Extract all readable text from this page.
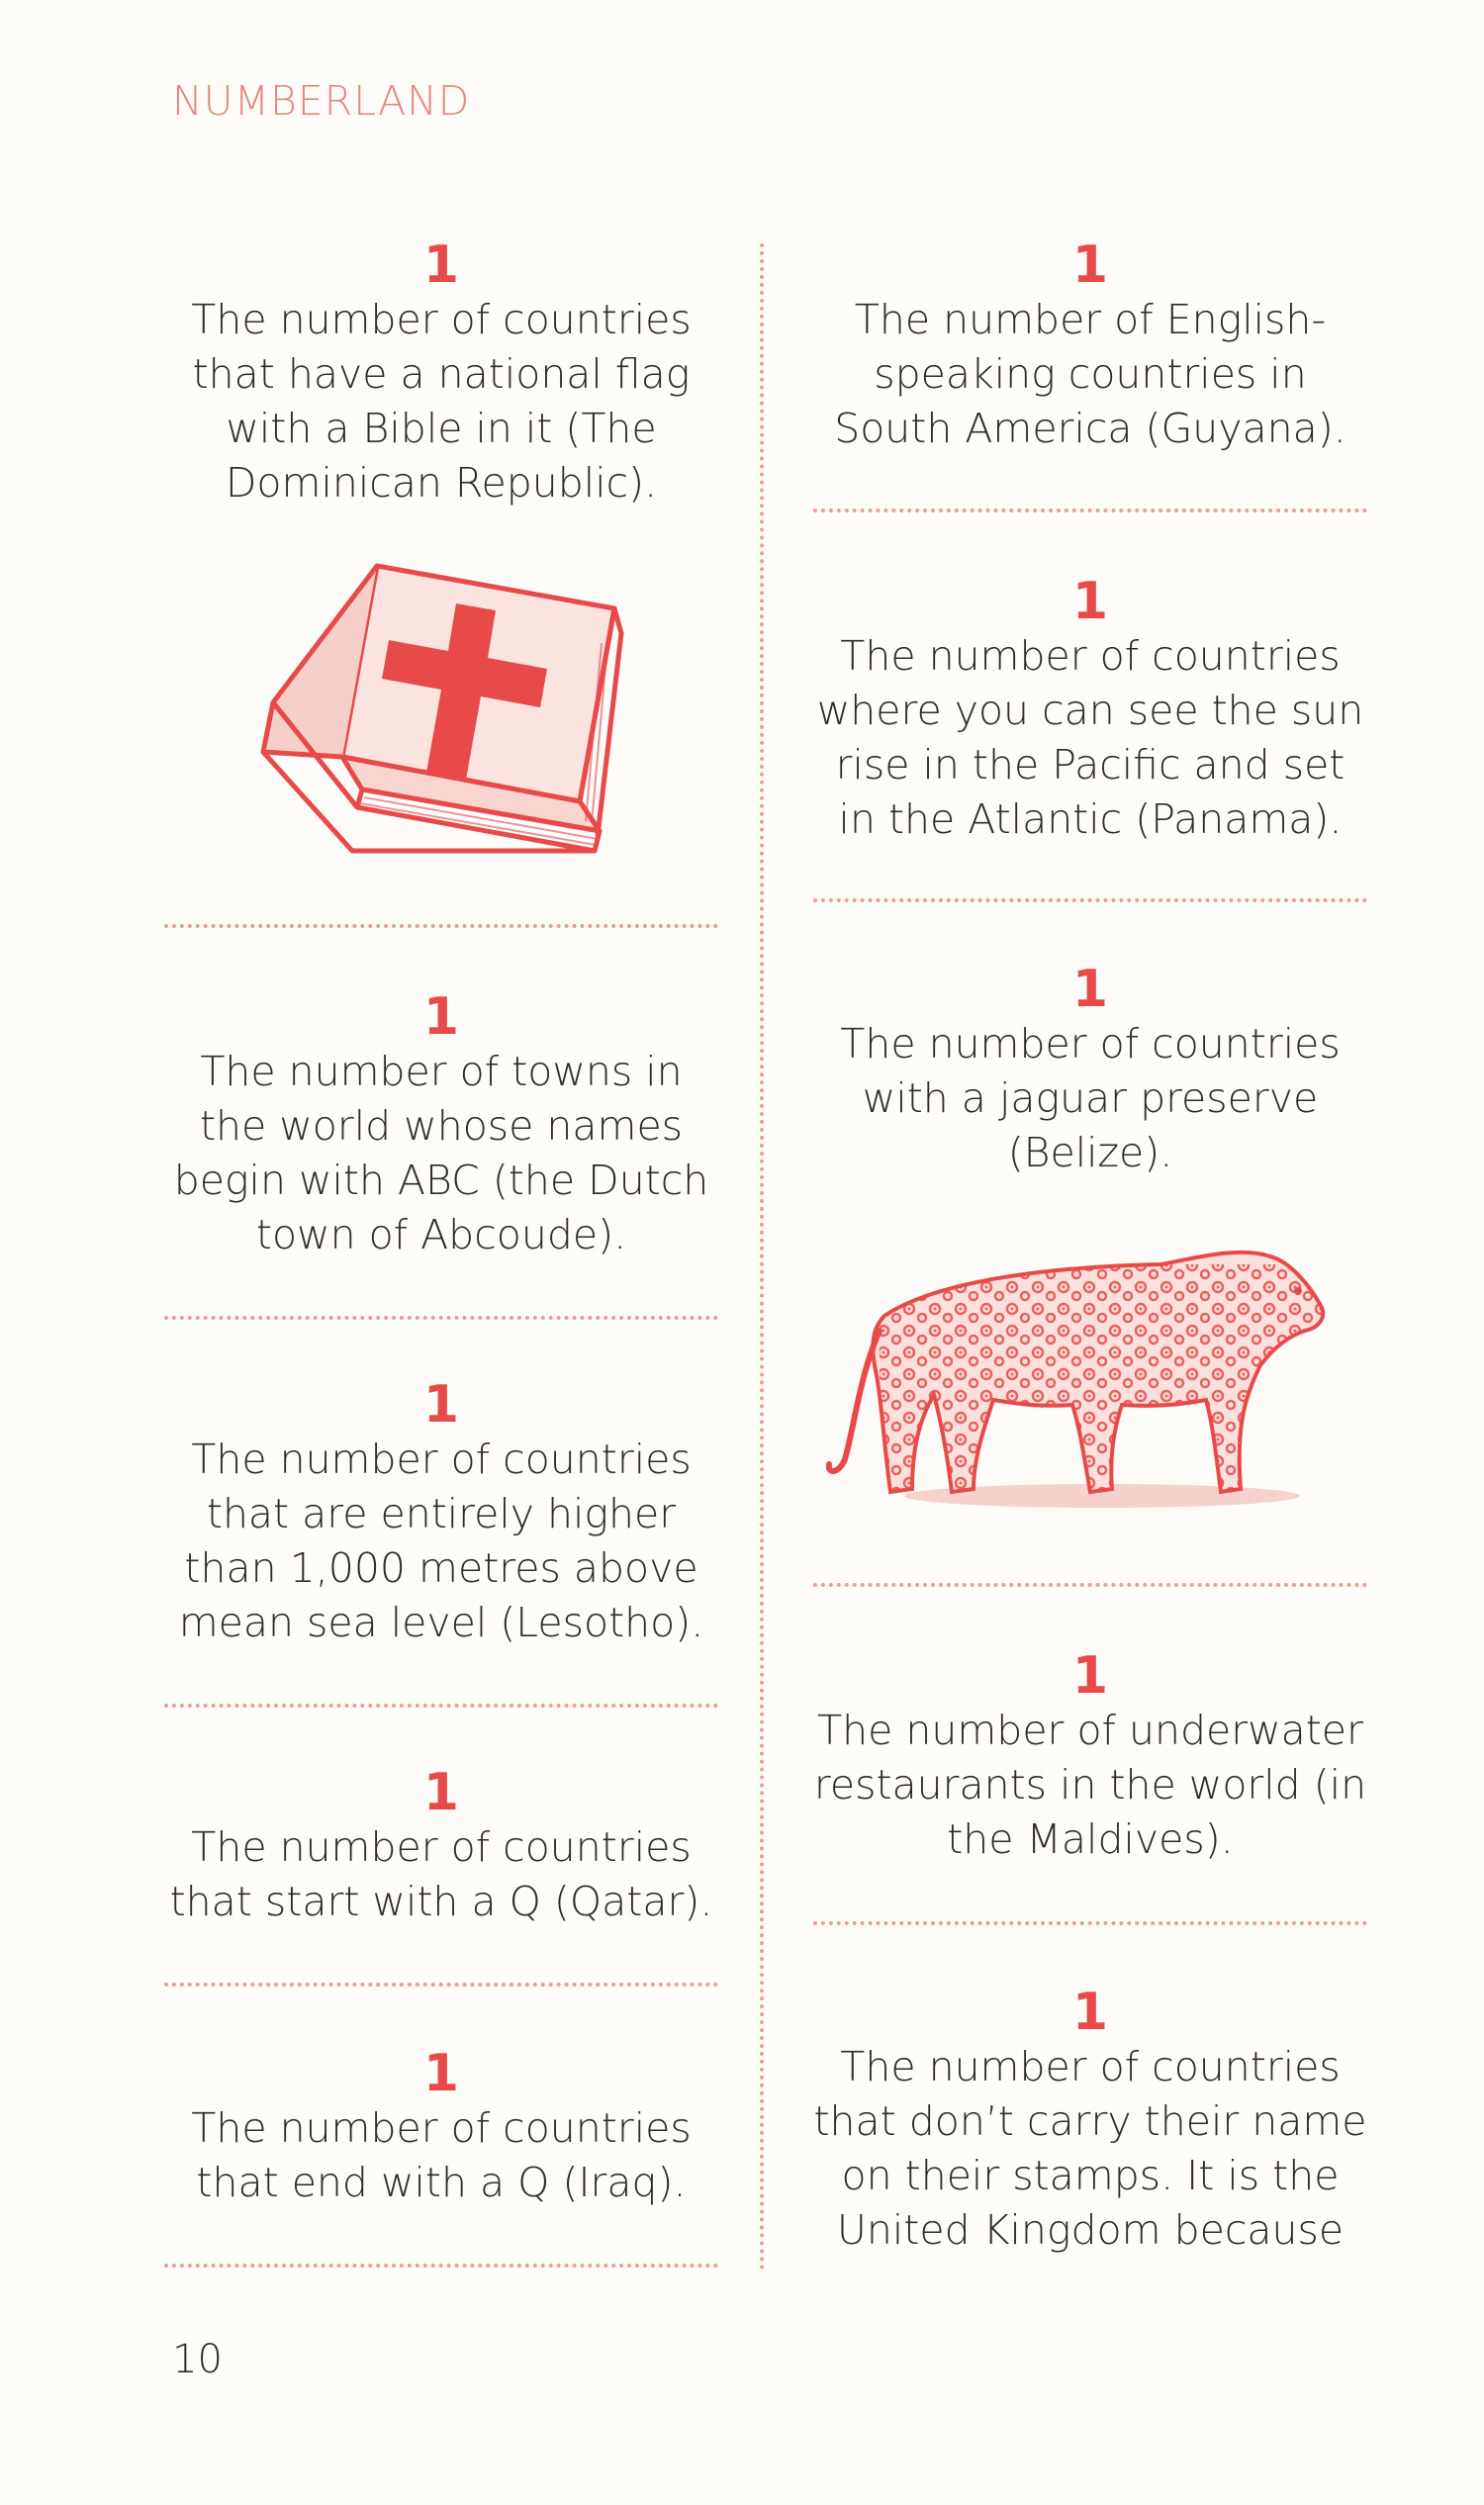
NUMBERLAND
1
The number of countries that have a national flag with a Bible in it (The Dominican Republic).
1
The number of towns in the world whose names begin with ABC (the Dutch town of Abcoude).
1
The number of countries that are entirely higher than 1,000 metres above mean sea level (Lesotho).
1
The number of countries that start with a Q (Qatar).
1
The number of countries that end with a Q (Iraq).
1
The number of English-speaking countries in South America (Guyana).
1
The number of countries where you can see the sun rise in the Pacific and set in the Atlantic (Panama).
1
The number of countries with a jaguar preserve (Belize).
1
The number of underwater restaurants in the world (in the Maldives).
1
The number of countries that don’t carry their name on their stamps. It is the United Kingdom because
10
